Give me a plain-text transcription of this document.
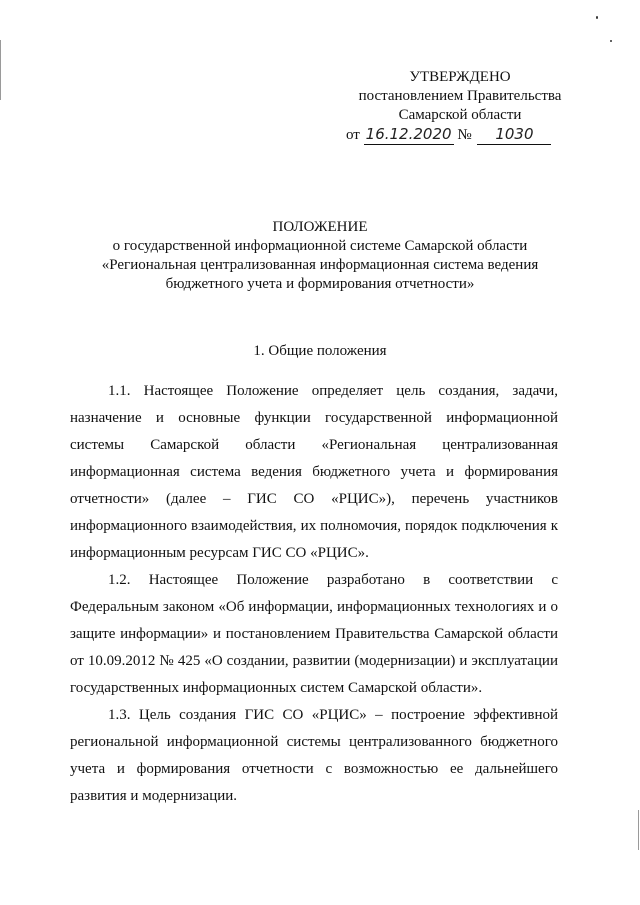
УТВЕРЖДЕНО
постановлением Правительства
Самарской области
от 16.12.2020 № 1030
ПОЛОЖЕНИЕ
о государственной информационной системе Самарской области
«Региональная централизованная информационная система ведения
бюджетного учета и формирования отчетности»
1. Общие положения

1.1. Настоящее Положение определяет цель создания, задачи, назначение и основные функции государственной информационной системы Самарской области «Региональная централизованная информационная система ведения бюджетного учета и формирования отчетности» (далее – ГИС СО «РЦИС»), перечень участников информационного взаимодействия, их полномочия, порядок подключения к информационным ресурсам ГИС СО «РЦИС».

1.2. Настоящее Положение разработано в соответствии с Федеральным законом «Об информации, информационных технологиях и о защите информации» и постановлением Правительства Самарской области от 10.09.2012 № 425 «О создании, развитии (модернизации) и эксплуатации государственных информационных систем Самарской области».

1.3. Цель создания ГИС СО «РЦИС» – построение эффективной региональной информационной системы централизованного бюджетного учета и формирования отчетности с возможностью ее дальнейшего развития и модернизации.
